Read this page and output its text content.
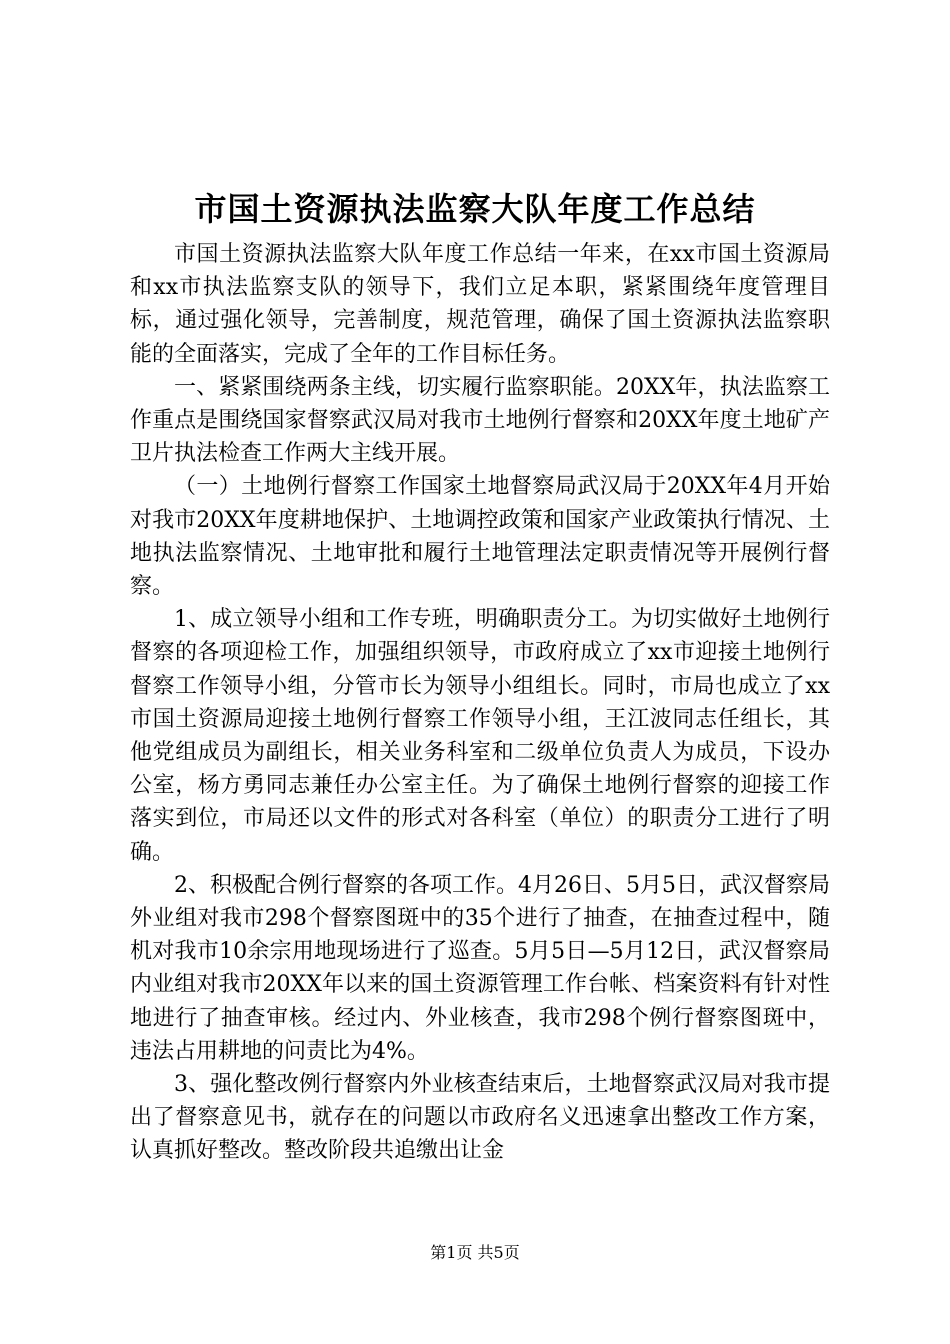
市国土资源执法监察大队年度工作总结

市国土资源执法监察大队年度工作总结一年来，在xx市国土资源局和xx市执法监察支队的领导下，我们立足本职，紧紧围绕年度管理目标，通过强化领导，完善制度，规范管理，确保了国土资源执法监察职能的全面落实，完成了全年的工作目标任务。

一、紧紧围绕两条主线，切实履行监察职能。20XX年，执法监察工作重点是围绕国家督察武汉局对我市土地例行督察和20XX年度土地矿产卫片执法检查工作两大主线开展。

（一）土地例行督察工作国家土地督察局武汉局于20XX年4月开始对我市20XX年度耕地保护、土地调控政策和国家产业政策执行情况、土地执法监察情况、土地审批和履行土地管理法定职责情况等开展例行督察。

1、成立领导小组和工作专班，明确职责分工。为切实做好土地例行督察的各项迎检工作，加强组织领导，市政府成立了xx市迎接土地例行督察工作领导小组，分管市长为领导小组组长。同时，市局也成立了xx市国土资源局迎接土地例行督察工作领导小组，王江波同志任组长，其他党组成员为副组长，相关业务科室和二级单位负责人为成员，下设办公室，杨方勇同志兼任办公室主任。为了确保土地例行督察的迎接工作落实到位，市局还以文件的形式对各科室（单位）的职责分工进行了明确。

2、积极配合例行督察的各项工作。4月26日、5月5日，武汉督察局外业组对我市298个督察图斑中的35个进行了抽查，在抽查过程中，随机对我市10余宗用地现场进行了巡查。5月5日—5月12日，武汉督察局内业组对我市20XX年以来的国土资源管理工作台帐、档案资料有针对性地进行了抽查审核。经过内、外业核查，我市298个例行督察图斑中，违法占用耕地的问责比为4%。

3、强化整改例行督察内外业核查结束后，土地督察武汉局对我市提出了督察意见书，就存在的问题以市政府名义迅速拿出整改工作方案，认真抓好整改。整改阶段共追缴出让金

第1页 共5页
